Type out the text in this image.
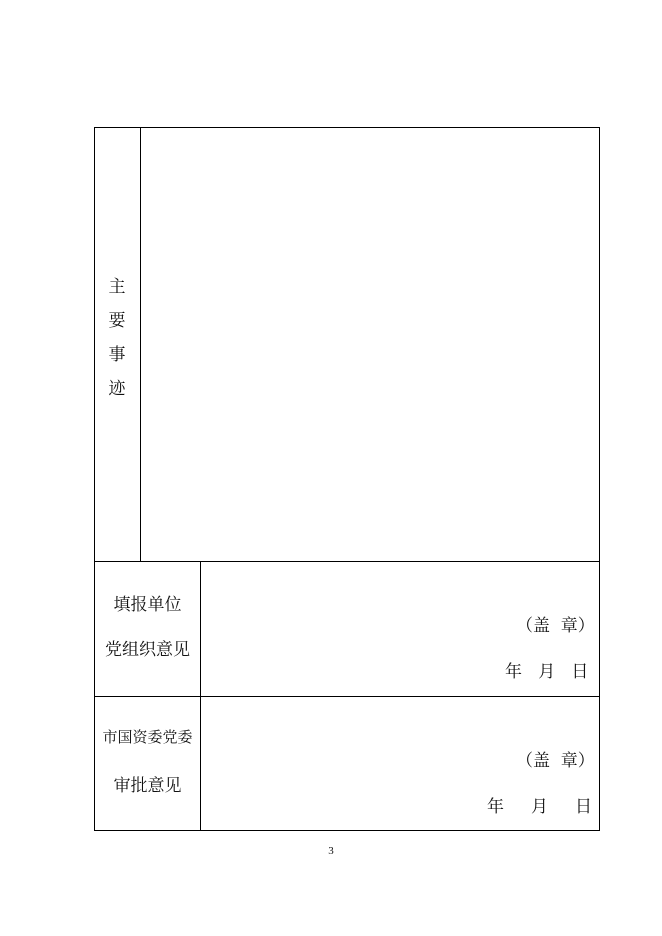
主
要
事
迹
填报单位
党组织意见
（盖  章）
年   月   日
市国资委党委
审批意见
（盖  章）
年     月     日
3
